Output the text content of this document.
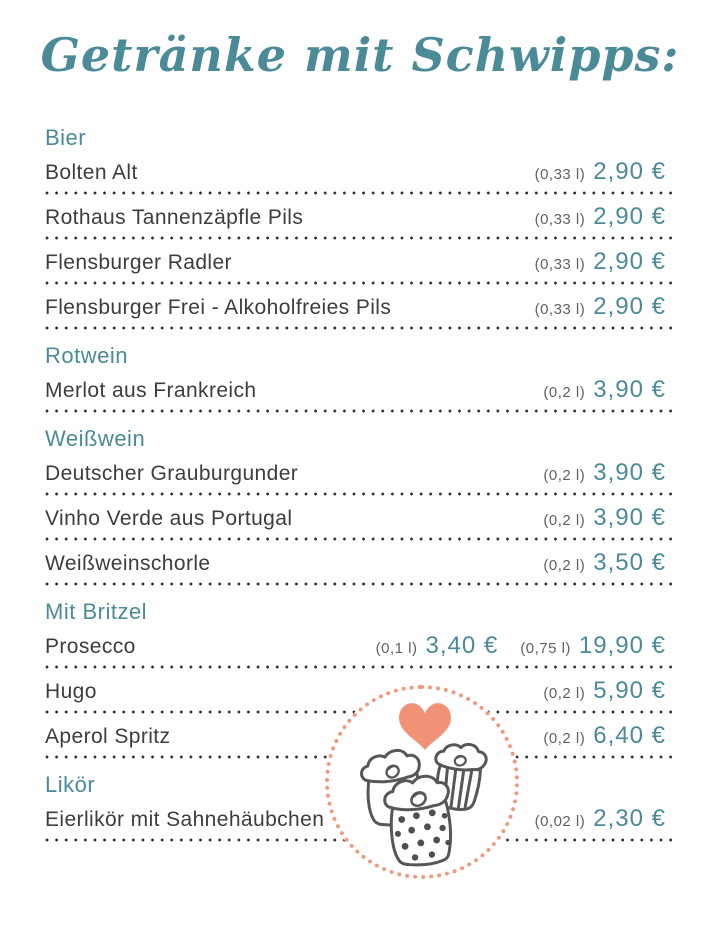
Getränke mit Schwipps:
Bier
Bolten Alt	(0,33 l) 2,90 €
Rothaus Tannenzäpfle Pils	(0,33 l) 2,90 €
Flensburger Radler	(0,33 l) 2,90 €
Flensburger Frei - Alkoholfreies Pils	(0,33 l) 2,90 €
Rotwein
Merlot aus Frankreich	(0,2 l) 3,90 €
Weißwein
Deutscher Grauburgunder	(0,2 l) 3,90 €
Vinho Verde aus Portugal	(0,2 l) 3,90 €
Weißweinschorle	(0,2 l) 3,50 €
Mit Britzel
Prosecco	(0,1 l) 3,40 € (0,75 l) 19,90 €
Hugo	(0,2 l) 5,90 €
Aperol Spritz	(0,2 l) 6,40 €
Likör
Eierlikör mit Sahnehäubchen	(0,02 l) 2,30 €
